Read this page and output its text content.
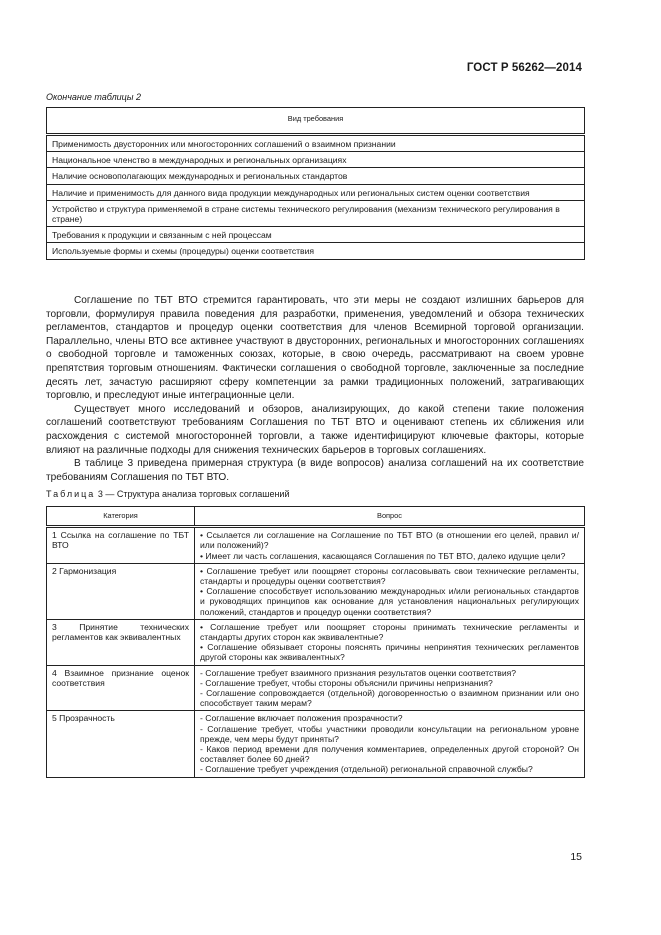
ГОСТ Р 56262—2014
Окончание таблицы 2
Вид требования
Применимость двусторонних или многосторонних соглашений о взаимном признании
Национальное членство в международных и региональных организациях
Наличие основополагающих международных и региональных стандартов
Наличие и применимость для данного вида продукции международных или региональных систем оценки соответствия
Устройство и структура применяемой в стране системы технического регулирования (механизм технического регулирования в стране)
Требования к продукции и связанным с ней процессам
Используемые формы и схемы (процедуры) оценки соответствия

Соглашение по ТБТ ВТО стремится гарантировать, что эти меры не создают излишних барьеров для торговли, формулируя правила поведения для разработки, применения, уведомлений и обзора технических регламентов, стандартов и процедур оценки соответствия для членов Всемирной торговой организации. Параллельно, члены ВТО все активнее участвуют в двусторонних, региональных и многосторонних соглашениях о свободной торговле и таможенных союзах, которые, в свою очередь, рассматривают на своем уровне препятствия торговым отношениям. Фактически соглашения о свободной торговле, заключенные за последние десять лет, зачастую расширяют сферу компетенции за рамки традиционных положений, затрагивающих торговлю, и преследуют иные интеграционные цели.

Существует много исследований и обзоров, анализирующих, до какой степени такие положения соглашений соответствуют требованиям Соглашения по ТБТ ВТО и оценивают степень их сближения или расхождения с системой многосторонней торговли, а также идентифицируют ключевые факторы, которые влияют на различные подходы для снижения технических барьеров в торговых соглашениях.

В таблице 3 приведена примерная структура (в виде вопросов) анализа соглашений на их соответствие требованиям Соглашения по ТБТ ВТО.

Таблица 3 — Структура анализа торговых соглашений
Категория	Вопрос
1 Ссылка на соглашение по ТБТ ВТО	• Ссылается ли соглашение на Соглашение по ТБТ ВТО (в отношении его целей, правил и/или положений)?
• Имеет ли часть соглашения, касающаяся Соглашения по ТБТ ВТО, далеко идущие цели?

2 Гармонизация	• Соглашение требует или поощряет стороны согласовывать свои технические регламенты, стандарты и процедуры оценки соответствия?
• Соглашение способствует использованию международных и/или региональных стандартов и руководящих принципов как основание для установления национальных регулирующих положений, стандартов и процедур оценки соответствия?

3 Принятие технических регламентов как эквивалентных	• Соглашение требует или поощряет стороны принимать технические регламенты и стандарты других сторон как эквивалентные?
• Соглашение обязывает стороны пояснять причины непринятия технических регламентов другой стороны как эквивалентных?

4 Взаимное признание оценок соответствия	- Соглашение требует взаимного признания результатов оценки соответствия?
- Соглашение требует, чтобы стороны объяснили причины непризнания?
- Соглашение сопровождается (отдельной) договоренностью о взаимном признании или оно способствует таким мерам?

5 Прозрачность	- Соглашение включает положения прозрачности?
- Соглашение требует, чтобы участники проводили консультации на региональном уровне прежде, чем меры будут приняты?
- Каков период времени для получения комментариев, определенных другой стороной? Он составляет более 60 дней?
- Соглашение требует учреждения (отдельной) региональной справочной службы?
15
